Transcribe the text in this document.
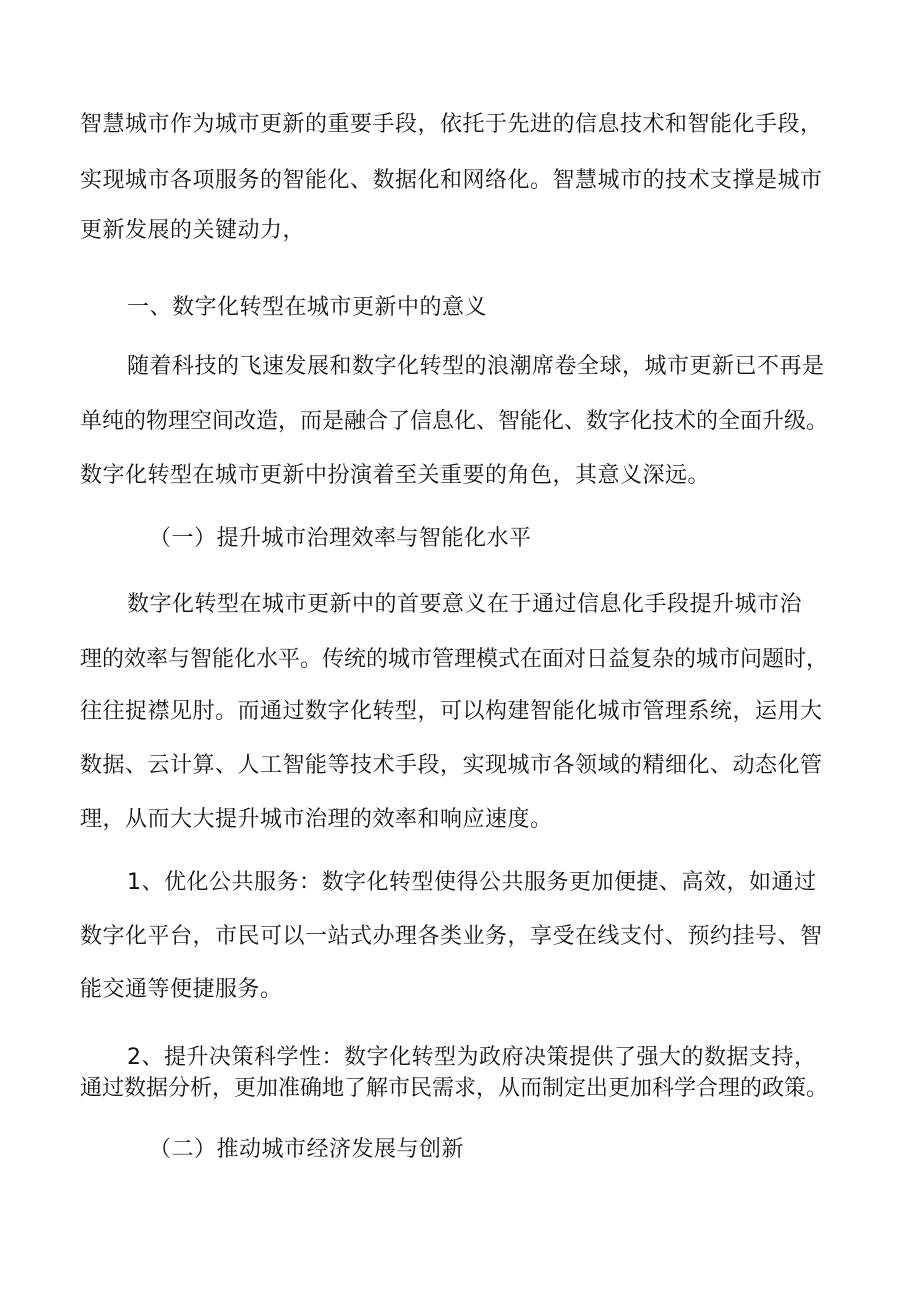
智慧城市作为城市更新的重要手段，依托于先进的信息技术和智能化手段，

实现城市各项服务的智能化、数据化和网络化。智慧城市的技术支撑是城市

更新发展的关键动力，

一、数字化转型在城市更新中的意义

随着科技的飞速发展和数字化转型的浪潮席卷全球，城市更新已不再是

单纯的物理空间改造，而是融合了信息化、智能化、数字化技术的全面升级。

数字化转型在城市更新中扮演着至关重要的角色，其意义深远。

（一）提升城市治理效率与智能化水平

数字化转型在城市更新中的首要意义在于通过信息化手段提升城市治

理的效率与智能化水平。传统的城市管理模式在面对日益复杂的城市问题时，

往往捉襟见肘。而通过数字化转型，可以构建智能化城市管理系统，运用大

数据、云计算、人工智能等技术手段，实现城市各领域的精细化、动态化管

理，从而大大提升城市治理的效率和响应速度。

1、优化公共服务：数字化转型使得公共服务更加便捷、高效，如通过

数字化平台，市民可以一站式办理各类业务，享受在线支付、预约挂号、智

能交通等便捷服务。

2、提升决策科学性：数字化转型为政府决策提供了强大的数据支持，

通过数据分析，更加准确地了解市民需求，从而制定出更加科学合理的政策。

（二）推动城市经济发展与创新
